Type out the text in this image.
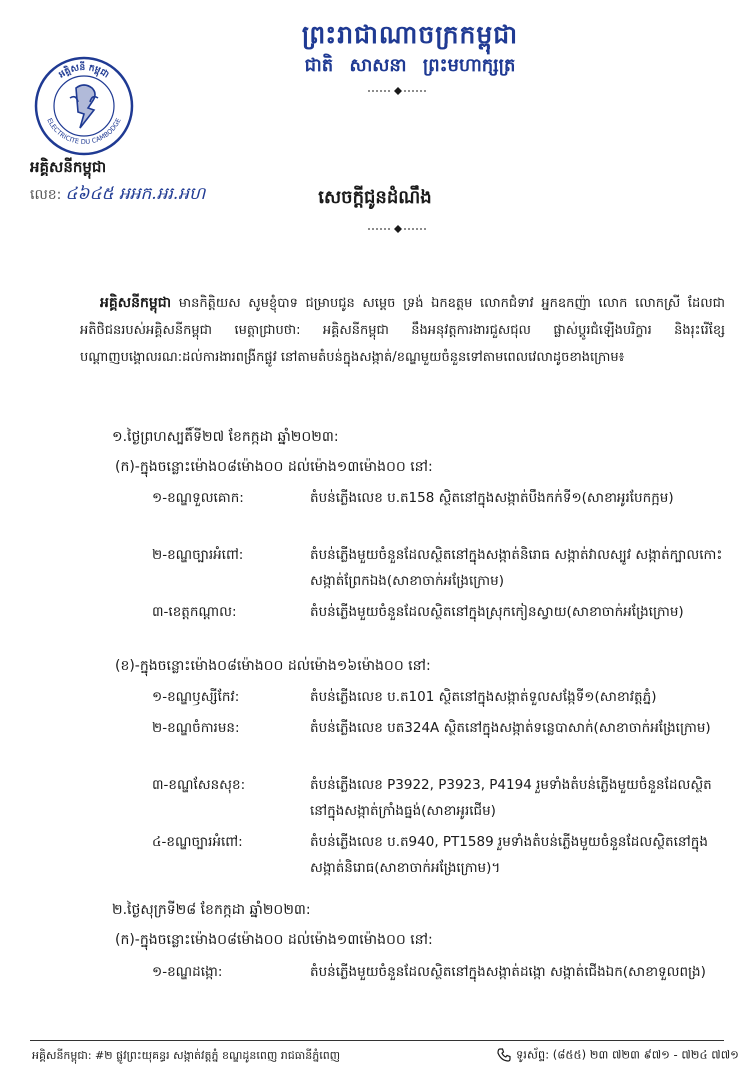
ព្រះរាជាណាចក្រកម្ពុជា
ជាតិ សាសនា ព្រះមហាក្សត្រ
អគ្គិសនី កម្ពុជា
ELECTRICITE DU CAMBODGE
អគ្គិសនីកម្ពុជា
លេខ: ៤៦៤៥ អអក.អរ.អហ	សេចក្តីជូនដំណឹង
អគ្គិសនីកម្ពុជា មានកិត្តិយស សូមខ្ញុំបាទ ជម្រាបជូន សម្តេច ទ្រង់ ឯកឧត្តម លោកជំទាវ អ្នកឧកញ៉ា លោក លោកស្រី ដែលជាអតិថិជនរបស់អគ្គិសនីកម្ពុជា មេត្តាជ្រាបថា: អគ្គិសនីកម្ពុជា នឹងអនុវត្តការងារជួសជុល ផ្លាស់ប្តូរជំឡើងបរិក្ខារ និងរុះរើខ្សែបណ្តាញបង្គោលរណ:ដល់ការងារពង្រីកផ្លូវ នៅតាមតំបន់ក្នុងសង្កាត់/ខណ្ឌមួយចំនួនទៅតាមពេលវេលាដូចខាងក្រោម៖
១.ថ្ងៃព្រហស្បតិ៍ទី២៧ ខែកក្កដា ឆ្នាំ២០២៣:
(ក)-ក្នុងចន្លោះម៉ោង០៨ម៉ោង០០ ដល់ម៉ោង១៣ម៉ោង០០ នៅ:
១-ខណ្ឌទួលគោក:	តំបន់ភ្លើងលេខ ប.ត158 ស្ថិតនៅក្នុងសង្កាត់បឹងកក់ទី១(សាខាអូរបែកក្អម)
២-ខណ្ឌច្បារអំពៅ:	តំបន់ភ្លើងមួយចំនួនដែលស្ថិតនៅក្នុងសង្កាត់និរោធ សង្កាត់វាលស្បូវ សង្កាត់ក្បាលកោះ សង្កាត់ព្រែកឯង(សាខាចាក់អង្រែក្រោម)
៣-ខេត្តកណ្តាល:	តំបន់ភ្លើងមួយចំនួនដែលស្ថិតនៅក្នុងស្រុកកៀនស្វាយ(សាខាចាក់អង្រែក្រោម)
(ខ)-ក្នុងចន្លោះម៉ោង០៨ម៉ោង០០ ដល់ម៉ោង១៦ម៉ោង០០ នៅ:
១-ខណ្ឌឫស្សីកែវ:	តំបន់ភ្លើងលេខ ប.ត101 ស្ថិតនៅក្នុងសង្កាត់ទួលសង្កែទី១(សាខាវត្តភ្នំ)
២-ខណ្ឌចំការមន:	តំបន់ភ្លើងលេខ បត324A ស្ថិតនៅក្នុងសង្កាត់ទន្លេបាសាក់(សាខាចាក់អង្រែក្រោម)
៣-ខណ្ឌសែនសុខ:	តំបន់ភ្លើងលេខ P3922, P3923, P4194 រួមទាំងតំបន់ភ្លើងមួយចំនួនដែលស្ថិតនៅក្នុងសង្កាត់ក្រាំងធ្នង់(សាខាអូរជើម)
៤-ខណ្ឌច្បារអំពៅ:	តំបន់ភ្លើងលេខ ប.ត940, PT1589 រួមទាំងតំបន់ភ្លើងមួយចំនួនដែលស្ថិតនៅក្នុងសង្កាត់និរោធ(សាខាចាក់អង្រែក្រោម)។
២.ថ្ងៃសុក្រទី២៨ ខែកក្កដា ឆ្នាំ២០២៣:
(ក)-ក្នុងចន្លោះម៉ោង០៨ម៉ោង០០ ដល់ម៉ោង១៣ម៉ោង០០ នៅ:
១-ខណ្ឌដង្កោ:	តំបន់ភ្លើងមួយចំនួនដែលស្ថិតនៅក្នុងសង្កាត់ដង្កោ សង្កាត់ជើងឯក(សាខាទួលពង្រ)
អគ្គិសនីកម្ពុជា: #២ ផ្លូវព្រះយុគន្ធរ សង្កាត់វត្តភ្នំ ខណ្ឌដូនពេញ រាជធានីភ្នំពេញ	ទូរស័ព្ទ: (៨៥៥) ២៣ ៧២៣ ៩៧១ - ៧២៤ ៧៧១
